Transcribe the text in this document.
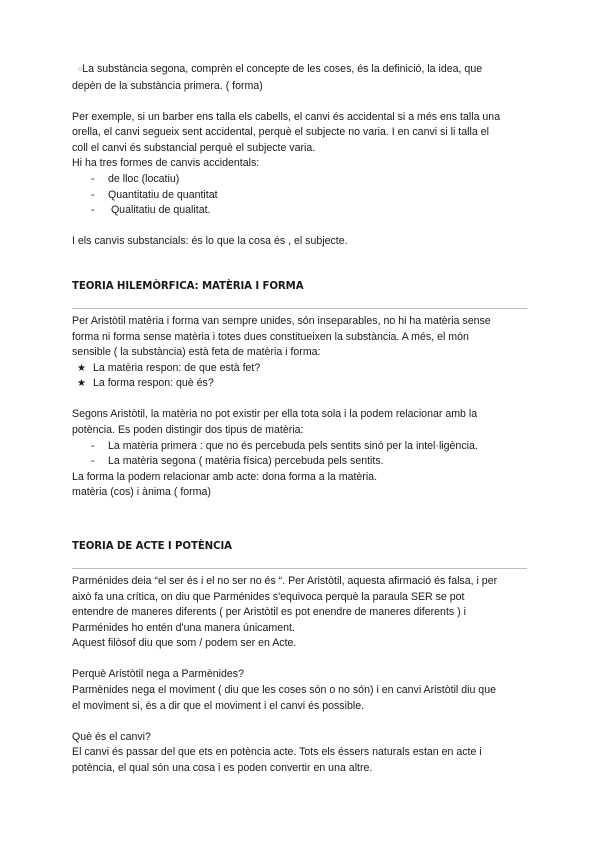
○La substància segona, comprèn el concepte de les coses, és la definició, la idea, que

depèn de la substància primera. ( forma)

Per exemple, si un barber ens talla els cabells, el canvi és accidental si a més ens talla una

orella, el canvi segueix sent accidental, perquè el subjecte no varia. I en canvi si li talla el

coll el canvi és substancial perquè el subjecte varia.

Hi ha tres formes de canvis accidentals:

- de lloc (locatiu)
- Quantitatiu de quantitat
- Qualitatiu de qualitat.

I els canvis substancials: és lo que la cosa és , el subjecte.

TEORIA HILEMÒRFICA: MATÈRIA I FORMA

Per Aristòtil matèria i forma van sempre unides, són inseparables, no hi ha matèria sense

forma ni forma sense matèria i totes dues constitueixen la substància. A més, el món

sensible ( la substància) està feta de matèria i forma:

★ La matèria respon: de que està fet?
★ La forma respon: què és?

Segons Aristòtil, la matèria no pot existir per ella tota sola i la podem relacionar amb la

potència. Es poden distingir dos tipus de matèria:

- La matèria primera : que no és percebuda pels sentits sinó per la intel·ligència.
- La matèria segona ( matèria física) percebuda pels sentits.

La forma la podem relacionar amb acte: dona forma a la matèria.

matèria (cos) i ànima ( forma)

TEORIA DE ACTE I POTÈNCIA

Parménides deia “el ser és i el no ser no és “. Per Aristòtil, aquesta afirmació és falsa, i per

això fa una crítica, on diu que Parménides s'equivoca perquè la paraula SER se pot

entendre de maneres diferents ( per Aristòtil es pot enendre de maneres diferents ) i

Parménides ho entén d'una manera únicament.

Aquest filòsof diu que som / podem ser en Acte.

Perquè Aristòtil nega a Parmènides?

Parmènides nega el moviment ( diu que les coses són o no són) i en canvi Aristòtil diu que

el moviment si, és a dir que el moviment i el canvi és possible.

Què és el canvi?

El canvi és passar del que ets en potència acte. Tots els éssers naturals estan en acte i

potència, el qual són una cosa i es poden convertir en una altre.
